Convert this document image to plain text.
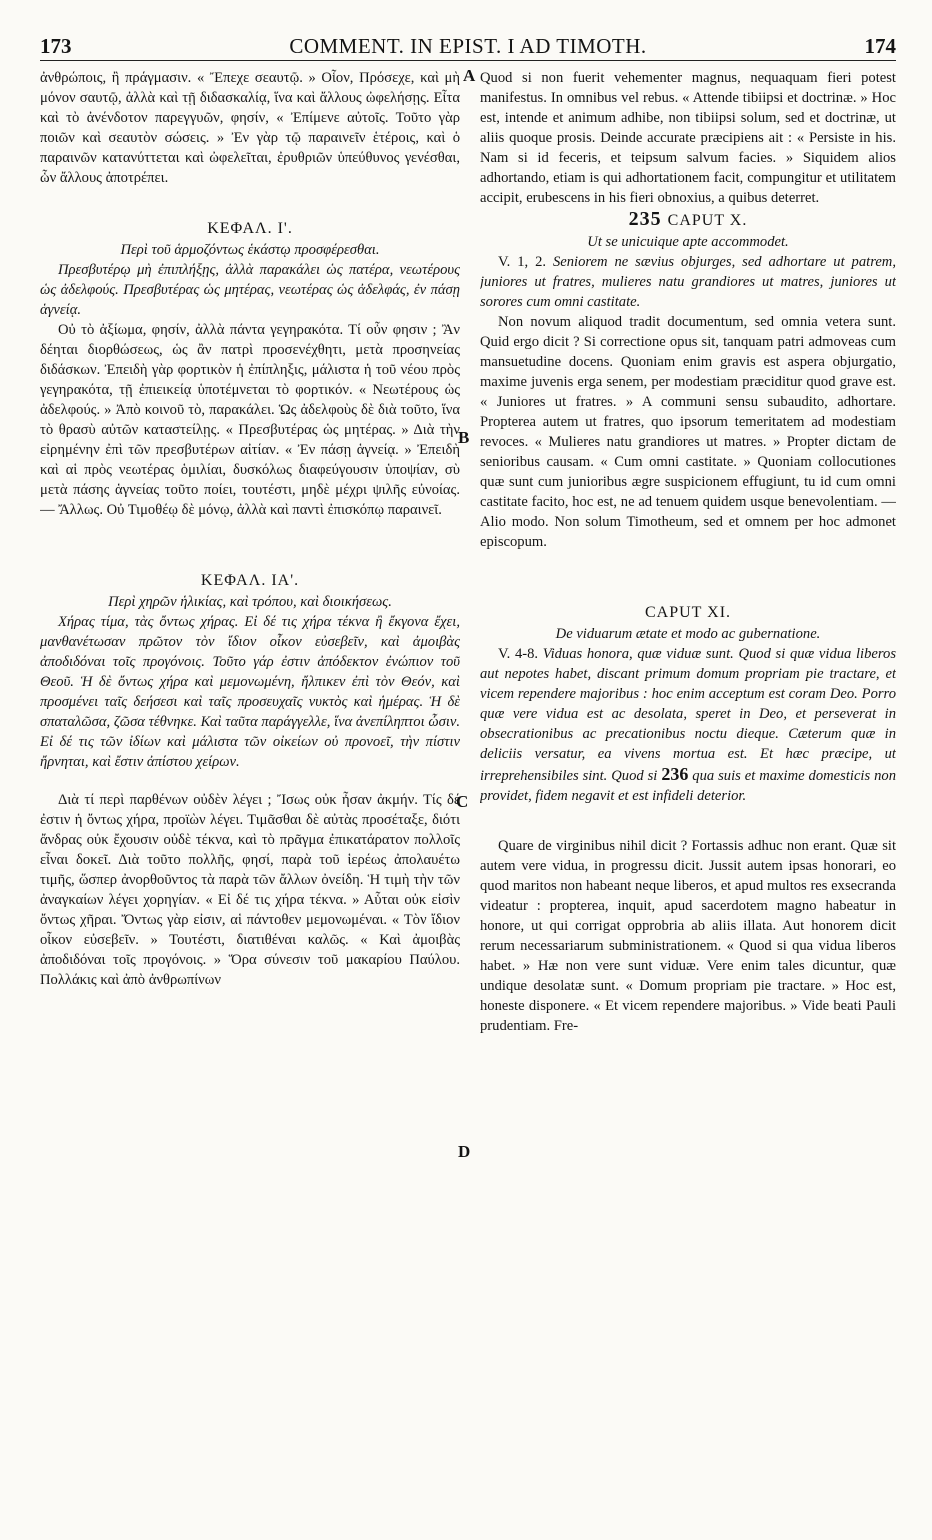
173	COMMENT. IN EPIST. I AD TIMOTH.	174
A
B
C
D

ἀνθρώποις, ἢ πράγμασιν. « Ἔπεχε σεαυτῷ. » Οἷον, Πρόσεχε, καὶ μὴ μόνον σαυτῷ, ἀλλὰ καὶ τῇ διδασκαλίᾳ, ἵνα καὶ ἄλλους ὠφελήσῃς. Εἶτα καὶ τὸ ἀνένδοτον παρεγγυῶν, φησίν, « Ἐπίμενε αὐτοῖς. Τοῦτο γὰρ ποιῶν καὶ σεαυτὸν σώσεις. » Ἐν γὰρ τῷ παραινεῖν ἑτέροις, καὶ ὁ παραινῶν κατανύττεται καὶ ὠφελεῖται, ἐρυθριῶν ὑπεύθυνος γενέσθαι, ὧν ἄλλους ἀποτρέπει.

ΚΕΦΑΛ. Ι'.
Περὶ τοῦ ἁρμοζόντως ἑκάστῳ προσφέρεσθαι.

Πρεσβυτέρῳ μὴ ἐπιπλήξῃς, ἀλλὰ παρακάλει ὡς πατέρα, νεωτέρους ὡς ἀδελφούς. Πρεσβυτέρας ὡς μητέρας, νεωτέρας ὡς ἀδελφάς, ἐν πάσῃ ἁγνείᾳ.

Οὐ τὸ ἀξίωμα, φησίν, ἀλλὰ πάντα γεγηρακότα. Τί οὖν φησιν ; Ἂν δέηται διορθώσεως, ὡς ἂν πατρὶ προσενέχθητι, μετὰ προσηνείας διδάσκων. Ἐπειδὴ γὰρ φορτικὸν ἡ ἐπίπληξις, μάλιστα ἡ τοῦ νέου πρὸς γεγηρακότα, τῇ ἐπιεικείᾳ ὑποτέμνεται τὸ φορτικόν. « Νεωτέρους ὡς ἀδελφούς. » Ἀπὸ κοινοῦ τὸ, παρακάλει. Ὡς ἀδελφοὺς δὲ διὰ τοῦτο, ἵνα τὸ θρασὺ αὐτῶν καταστείλῃς. « Πρεσβυτέρας ὡς μητέρας. » Διὰ τὴν εἰρημένην ἐπὶ τῶν πρεσβυτέρων αἰτίαν. « Ἐν πάσῃ ἁγνείᾳ. » Ἐπειδὴ καὶ αἱ πρὸς νεωτέρας ὁμιλίαι, δυσκόλως διαφεύγουσιν ὑποψίαν, σὺ μετὰ πάσης ἁγνείας τοῦτο ποίει, τουτέστι, μηδὲ μέχρι ψιλῆς εὐνοίας. — Ἄλλως. Οὐ Τιμοθέῳ δὲ μόνῳ, ἀλλὰ καὶ παντὶ ἐπισκόπῳ παραινεῖ.

ΚΕΦΑΛ. ΙΑ'.
Περὶ χηρῶν ἡλικίας, καὶ τρόπου, καὶ διοικήσεως.

Χήρας τίμα, τὰς ὄντως χήρας. Εἰ δέ τις χήρα τέκνα ἢ ἔκγονα ἔχει, μανθανέτωσαν πρῶτον τὸν ἴδιον οἶκον εὐσεβεῖν, καὶ ἀμοιβὰς ἀποδιδόναι τοῖς προγόνοις. Τοῦτο γάρ ἐστιν ἀπόδεκτον ἐνώπιον τοῦ Θεοῦ. Ἡ δὲ ὄντως χήρα καὶ μεμονωμένη, ἤλπικεν ἐπὶ τὸν Θεόν, καὶ προσμένει ταῖς δεήσεσι καὶ ταῖς προσευχαῖς νυκτὸς καὶ ἡμέρας. Ἡ δὲ σπαταλῶσα, ζῶσα τέθνηκε. Καὶ ταῦτα παράγγελλε, ἵνα ἀνεπίληπτοι ὦσιν. Εἰ δέ τις τῶν ἰδίων καὶ μάλιστα τῶν οἰκείων οὐ προνοεῖ, τὴν πίστιν ἤρνηται, καὶ ἔστιν ἀπίστου χείρων.

Διὰ τί περὶ παρθένων οὐδὲν λέγει ; Ἴσως οὐκ ἦσαν ἀκμήν. Τίς δέ ἐστιν ἡ ὄντως χήρα, προϊὼν λέγει. Τιμᾶσθαι δὲ αὐτὰς προσέταξε, διότι ἄνδρας οὐκ ἔχουσιν οὐδὲ τέκνα, καὶ τὸ πρᾶγμα ἐπικατάρατον πολλοῖς εἶναι δοκεῖ. Διὰ τοῦτο πολλῆς, φησί, παρὰ τοῦ ἱερέως ἀπολαυέτω τιμῆς, ὥσπερ ἀνορθοῦντος τὰ παρὰ τῶν ἄλλων ὀνείδη. Ἡ τιμὴ τὴν τῶν ἀναγκαίων λέγει χορηγίαν. « Εἰ δέ τις χήρα τέκνα. » Αὗται οὐκ εἰσὶν ὄντως χῆραι. Ὄντως γὰρ εἰσιν, αἱ πάντοθεν μεμονωμέναι. « Τὸν ἴδιον οἶκον εὐσεβεῖν. » Τουτέστι, διατιθέναι καλῶς. « Καὶ ἀμοιβὰς ἀποδιδόναι τοῖς προγόνοις. » Ὅρα σύνεσιν τοῦ μακαρίου Παύλου. Πολλάκις καὶ ἀπὸ ἀνθρωπίνων

Quod si non fuerit vehementer magnus, nequaquam fieri potest manifestus. In omnibus vel rebus. « Attende tibiipsi et doctrinæ. » Hoc est, intende et animum adhibe, non tibiipsi solum, sed et doctrinæ, ut aliis quoque prosis. Deinde accurate præcipiens ait : « Persiste in his. Nam si id feceris, et teipsum salvum facies. » Siquidem alios adhortando, etiam is qui adhortationem facit, compungitur et utilitatem accipit, erubescens in his fieri obnoxius, a quibus deterret.

235 CAPUT X.
Ut se unicuique apte accommodet.

V. 1, 2. Seniorem ne sævius objurges, sed adhortare ut patrem, juniores ut fratres, mulieres natu grandiores ut matres, juniores ut sorores cum omni castitate.

Non novum aliquod tradit documentum, sed omnia vetera sunt. Quid ergo dicit ? Si correctione opus sit, tanquam patri admoveas cum mansuetudine docens. Quoniam enim gravis est aspera objurgatio, maxime juvenis erga senem, per modestiam præciditur quod grave est. « Juniores ut fratres. » A communi sensu subaudito, adhortare. Propterea autem ut fratres, quo ipsorum temeritatem ad modestiam revoces. « Mulieres natu grandiores ut matres. » Propter dictam de senioribus causam. « Cum omni castitate. » Quoniam collocutiones quæ sunt cum junioribus ægre suspicionem effugiunt, tu id cum omni castitate facito, hoc est, ne ad tenuem quidem usque benevolentiam. — Alio modo. Non solum Timotheum, sed et omnem per hoc admonet episcopum.

CAPUT XI.
De viduarum ætate et modo ac gubernatione.

V. 4-8. Viduas honora, quæ viduæ sunt. Quod si quæ vidua liberos aut nepotes habet, discant primum domum propriam pie tractare, et vicem rependere majoribus : hoc enim acceptum est coram Deo. Porro quæ vere vidua est ac desolata, speret in Deo, et perseverat in obsecrationibus ac precationibus noctu dieque. Cæterum quæ in deliciis versatur, ea vivens mortua est. Et hæc præcipe, ut irreprehensibiles sint. Quod si 236 qua suis et maxime domesticis non providet, fidem negavit et est infideli deterior.

Quare de virginibus nihil dicit ? Fortassis adhuc non erant. Quæ sit autem vere vidua, in progressu dicit. Jussit autem ipsas honorari, eo quod maritos non habeant neque liberos, et apud multos res exsecranda videatur : propterea, inquit, apud sacerdotem magno habeatur in honore, ut qui corrigat opprobria ab aliis illata. Aut honorem dicit rerum necessariarum subministrationem. « Quod si qua vidua liberos habet. » Hæ non vere sunt viduæ. Vere enim tales dicuntur, quæ undique desolatæ sunt. « Domum propriam pie tractare. » Hoc est, honeste disponere. « Et vicem rependere majoribus. » Vide beati Pauli prudentiam. Fre-
